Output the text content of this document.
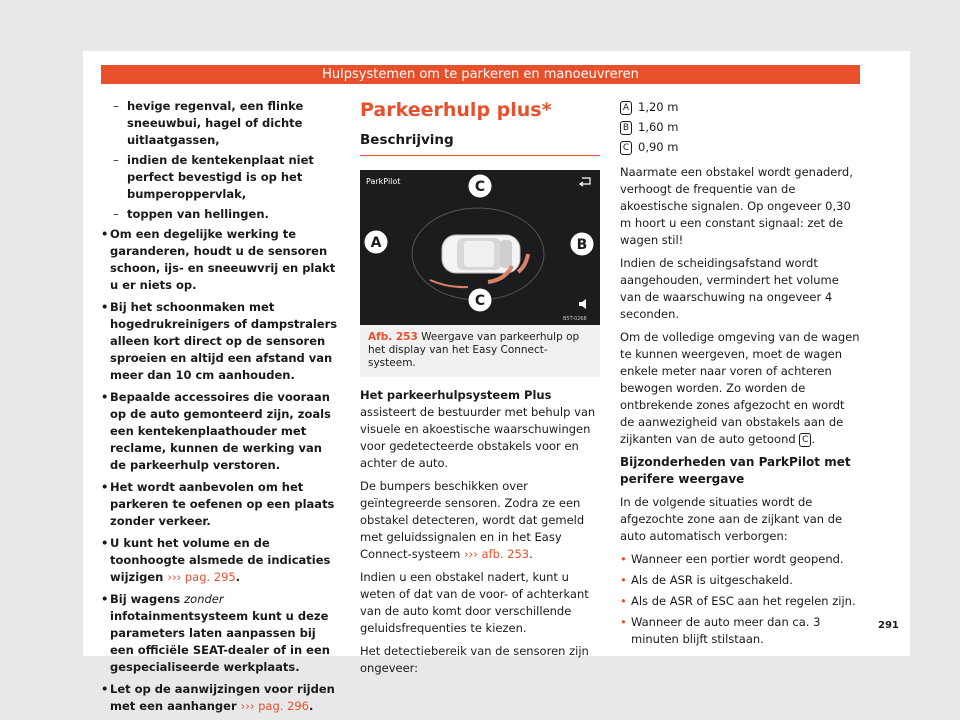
Hulpsystemen om te parkeren en manoeuvreren
– hevige regenval, een flinke sneeuwbui, hagel of dichte uitlaatgassen,
– indien de kentekenplaat niet perfect bevestigd is op het bumperoppervlak,
– toppen van hellingen.
• Om een degelijke werking te garanderen, houdt u de sensoren schoon, ijs- en sneeuwvrij en plakt u er niets op.
• Bij het schoonmaken met hogedrukreinigers of dampstralers alleen kort direct op de sensoren sproeien en altijd een afstand van meer dan 10 cm aanhouden.
• Bepaalde accessoires die vooraan op de auto gemonteerd zijn, zoals een kentekenplaathouder met reclame, kunnen de werking van de parkeerhulp verstoren.
• Het wordt aanbevolen om het parkeren te oefenen op een plaats zonder verkeer.
• U kunt het volume en de toonhoogte alsmede de indicaties wijzigen ››› pag. 295.
• Bij wagens zonder infotainmentsysteem kunt u deze parameters laten aanpassen bij een officiële SEAT-dealer of in een gespecialiseerde werkplaats.
• Let op de aanwijzingen voor rijden met een aanhanger ››› pag. 296.
Parkeerhulp plus*
Beschrijving
ParkPilot	C
A	B
C
B5T-0268
Afb. 253 Weergave van parkeerhulp op het display van het Easy Connect-systeem.

Het parkeerhulpsysteem Plus assisteert de bestuurder met behulp van visuele en akoestische waarschuwingen voor gedetecteerde obstakels voor en achter de auto.

De bumpers beschikken over geïntegreerde sensoren. Zodra ze een obstakel detecteren, wordt dat gemeld met geluidssignalen en in het Easy Connect-systeem ››› afb. 253.

Indien u een obstakel nadert, kunt u weten of dat van de voor- of achterkant van de auto komt door verschillende geluidsfrequenties te kiezen.

Het detectiebereik van de sensoren zijn ongeveer:

A 1,20 m
B 1,60 m
C 0,90 m

Naarmate een obstakel wordt genaderd, verhoogt de frequentie van de akoestische signalen. Op ongeveer 0,30 m hoort u een constant signaal: zet de wagen stil!

Indien de scheidingsafstand wordt aangehouden, vermindert het volume van de waarschuwing na ongeveer 4 seconden.

Om de volledige omgeving van de wagen te kunnen weergeven, moet de wagen enkele meter naar voren of achteren bewogen worden. Zo worden de ontbrekende zones afgezocht en wordt de aanwezigheid van obstakels aan de zijkanten van de auto getoond C .

Bijzonderheden van ParkPilot met perifere weergave

In de volgende situaties wordt de afgezochte zone aan de zijkant van de auto automatisch verborgen:

• Wanneer een portier wordt geopend.
• Als de ASR is uitgeschakeld.
• Als de ASR of ESC aan het regelen zijn.
• Wanneer de auto meer dan ca. 3 minuten blijft stilstaan.
291
